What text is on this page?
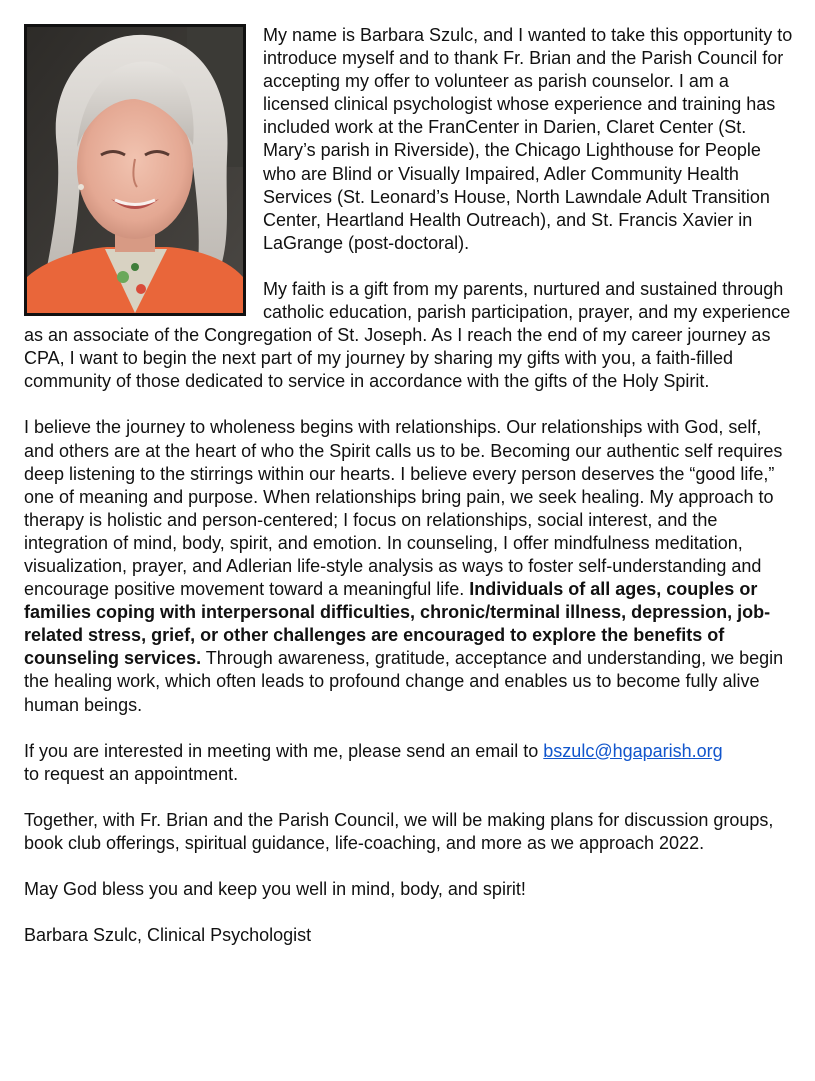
My name is Barbara Szulc, and I wanted to take this opportunity to introduce myself and to thank Fr. Brian and the Parish Council for accepting my offer to volunteer as parish counselor. I am a licensed clinical psychologist whose experience and training has included work at the FranCenter in Darien, Claret Center (St. Mary’s parish in Riverside), the Chicago Lighthouse for People who are Blind or Visually Impaired, Adler Community Health Services (St. Leonard’s House, North Lawndale Adult Transition Center, Heartland Health Outreach), and St. Francis Xavier in LaGrange (post-doctoral).

My faith is a gift from my parents, nurtured and sustained through catholic education, parish participation, prayer, and my experience as an associate of the Congregation of St. Joseph. As I reach the end of my career journey as CPA, I want to begin the next part of my journey by sharing my gifts with you, a faith-filled community of those dedicated to service in accordance with the gifts of the Holy Spirit.

I believe the journey to wholeness begins with relationships. Our relationships with God, self, and others are at the heart of who the Spirit calls us to be. Becoming our authentic self requires deep listening to the stirrings within our hearts. I believe every person deserves the “good life,” one of meaning and purpose. When relationships bring pain, we seek healing. My approach to therapy is holistic and person-centered; I focus on relationships, social interest, and the integration of mind, body, spirit, and emotion. In counseling, I offer mindfulness meditation, visualization, prayer, and Adlerian life-style analysis as ways to foster self-understanding and encourage positive movement toward a meaningful life. Individuals of all ages, couples or families coping with interpersonal difficulties, chronic/terminal illness, depression, job-related stress, grief, or other challenges are encouraged to explore the benefits of counseling services. Through awareness, gratitude, acceptance and understanding, we begin the healing work, which often leads to profound change and enables us to become fully alive human beings.

If you are interested in meeting with me, please send an email to bszulc@hgaparish.org
to request an appointment.

Together, with Fr. Brian and the Parish Council, we will be making plans for discussion groups, book club offerings, spiritual guidance, life-coaching, and more as we approach 2022.

May God bless you and keep you well in mind, body, and spirit!

Barbara Szulc, Clinical Psychologist
